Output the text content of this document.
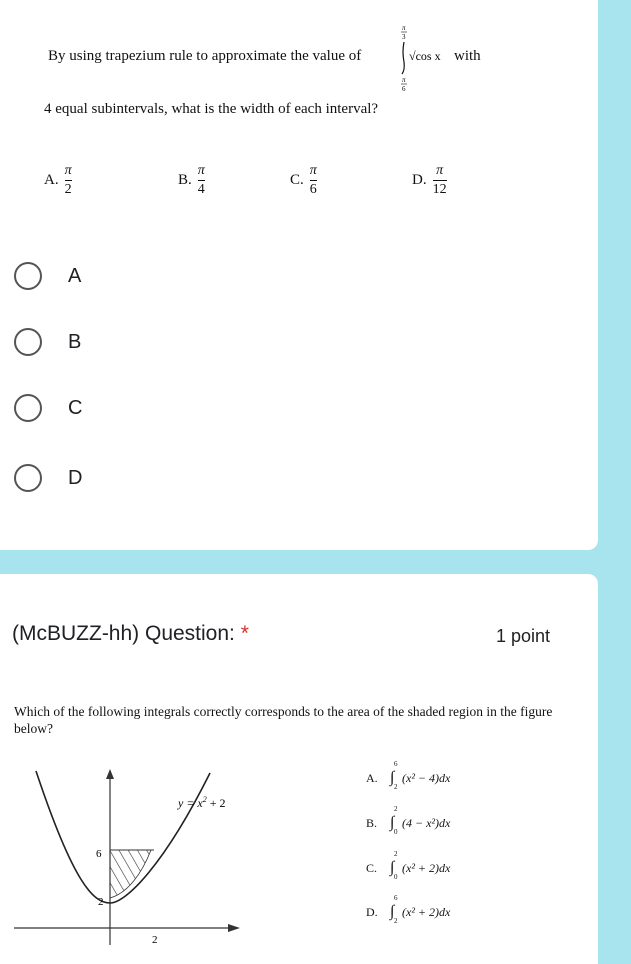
By using trapezium rule to approximate the value of	with
π
3
π
6
√cos x
4 equal subintervals, what is the width of each interval?
A. $\frac{\pi}{2}$	B. $\frac{\pi}{4}$	C. $\frac{\pi}{6}$	D. $\frac{\pi}{12}$
A
B
C
D
(McBUZZ-hh) Question: *	1 point
Which of the following integrals correctly corresponds to the area of the shaded region in the figure below?
$y = x^2 + 2$
6
2
2
A. ∫
6
2
(x² − 4)dx
B. ∫
2
0
(4 − x²)dx
C. ∫
2
0
(x² + 2)dx
D. ∫
6
2
(x² + 2)dx
